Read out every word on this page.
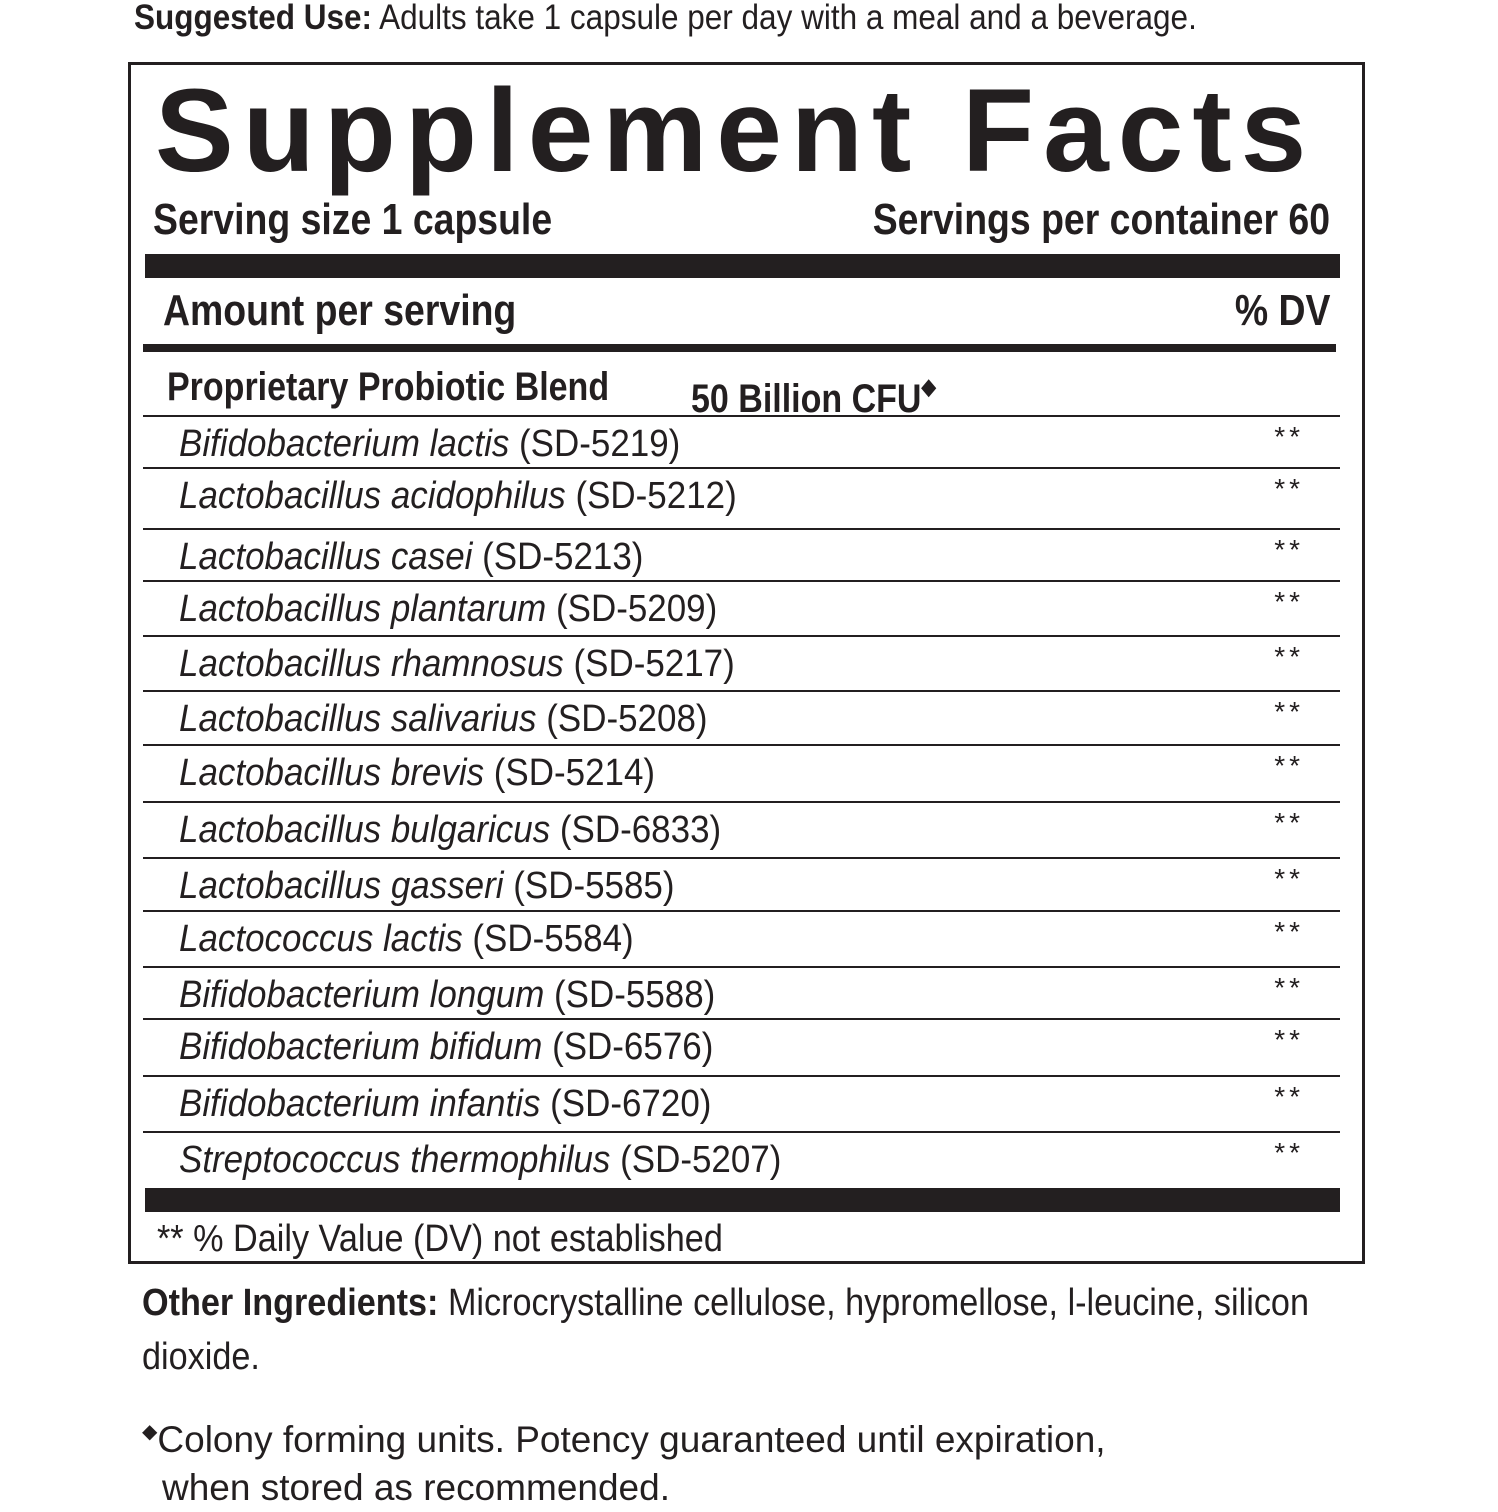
Suggested Use: Adults take 1 capsule per day with a meal and a beverage.
Supplement Facts
Serving size 1 capsule	Servings per container 60
Amount per serving	% DV
Proprietary Probiotic Blend 50 Billion CFU◆
Bifidobacterium lactis (SD-5219)	**
Lactobacillus acidophilus (SD-5212)	**
Lactobacillus casei (SD-5213)	**
Lactobacillus plantarum (SD-5209)	**
Lactobacillus rhamnosus (SD-5217)	**
Lactobacillus salivarius (SD-5208)	**
Lactobacillus brevis (SD-5214)	**
Lactobacillus bulgaricus (SD-6833)	**
Lactobacillus gasseri (SD-5585)	**
Lactococcus lactis (SD-5584)	**
Bifidobacterium longum (SD-5588)	**
Bifidobacterium bifidum (SD-6576)	**
Bifidobacterium infantis (SD-6720)	**
Streptococcus thermophilus (SD-5207)	**
** % Daily Value (DV) not established
Other Ingredients: Microcrystalline cellulose, hypromellose, l-leucine, silicon dioxide.
◆Colony forming units. Potency guaranteed until expiration,
when stored as recommended.
